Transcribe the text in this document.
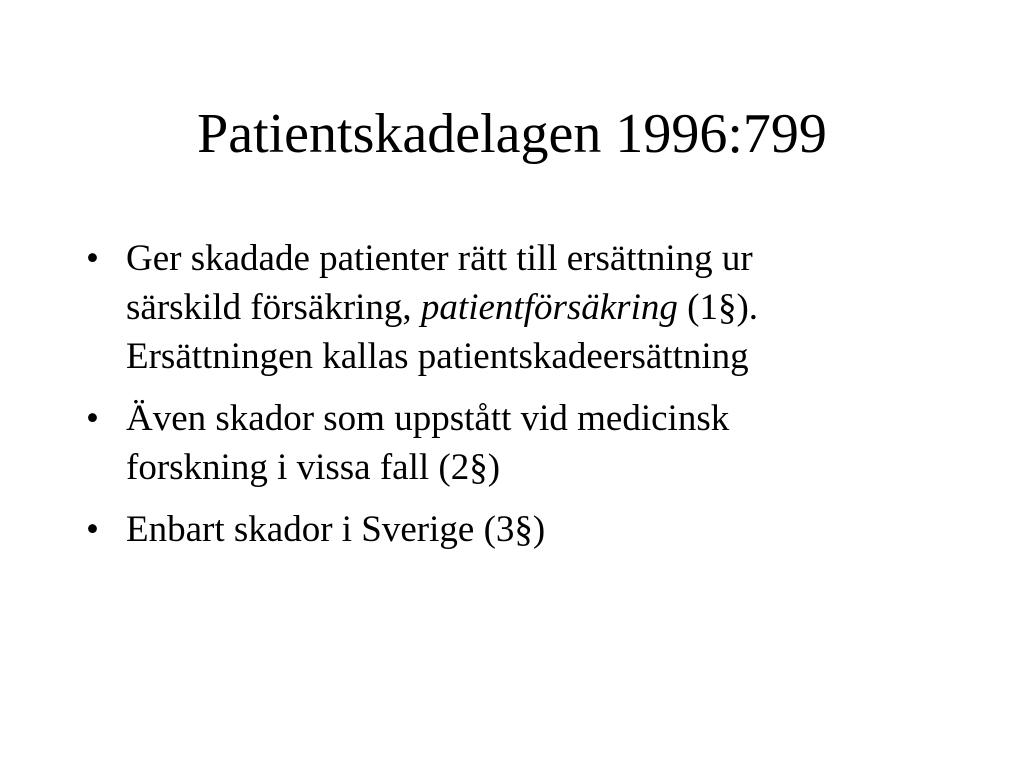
Patientskadelagen 1996:799
• Ger skadade patienter rätt till ersättning ur
särskild försäkring, patientförsäkring (1§).
Ersättningen kallas patientskadeersättning
• Även skador som uppstått vid medicinsk
forskning i vissa fall (2§)
• Enbart skador i Sverige (3§)
